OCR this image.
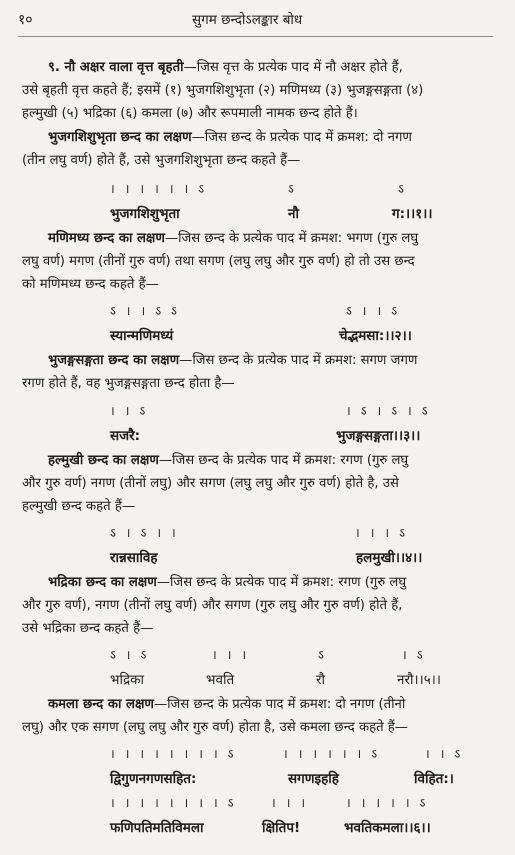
१०	सुगम छन्दोऽलङ्कार बोध
९. नौ अक्षर वाला वृत्त बृहती—जिस वृत्त के प्रत्येक पाद में नौ अक्षर होते हैं,
उसे बृहती वृत्त कहते हैं; इसमें (१) भुजगशिशुभृता (२) मणिमध्य (३) भुजङ्गसङ्गता (४)
हल्मुखी (५) भद्रिका (६) कमला (७) और रूपमाली नामक छन्द होते हैं।
भुजगशिशुभृता छन्द का लक्षण—जिस छन्द के प्रत्येक पाद में क्रमश: दो नगण
(तीन लघु वर्ण) होते हैं, उसे भुजगशिशुभृता छन्द कहते हैं—
। । । । । । ऽ	ऽ	ऽ
भुजगशिशुभृता	नौ	ग:।।१।।
मणिमध्य छन्द का लक्षण—जिस छन्द के प्रत्येक पाद में क्रमश: भगण (गुरु लघु
लघु वर्ण) मगण (तीनों गुरु वर्ण) तथा सगण (लघु लघु और गुरु वर्ण) हो तो उस छन्द
को मणिमध्य छन्द कहते हैं—
ऽ । । ऽ ऽ	ऽ । । ऽ
स्यान्मणिमध्यं	चेद्भमसा:।।२।।
भुजङ्गसङ्गता छन्द का लक्षण—जिस छन्द के प्रत्येक पाद में क्रमश: सगण जगण
रगण होते हैं, वह भुजङ्गसङ्गता छन्द होता है—
। । ऽ	। ऽ । ऽ । ऽ
सजरै:	भुजङ्गसङ्गता।।३।।
हल्मुखी छन्द का लक्षण—जिस छन्द के प्रत्येक पाद में क्रमश: रगण (गुरु लघु
और गुरु वर्ण) नगण (तीनों लघु) और सगण (लघु लघु और गुरु वर्ण) होते है, उसे
हल्मुखी छन्द कहते हैं—
ऽ । ऽ । ।	। । । ऽ
रान्नसाविह	हलमुखी।।४।।
भद्रिका छन्द का लक्षण—जिस छन्द के प्रत्येक पाद में क्रमश: रगण (गुरु लघु
और गुरु वर्ण), नगण (तीनों लघु वर्ण) और सगण (गुरु लघु और गुरु वर्ण) होते हैं,
उसे भद्रिका छन्द कहते हैं—
ऽ । ऽ	। । ।	ऽ	। ऽ
भद्रिका	भवति	रौ	नरौ।।५।।
कमला छन्द का लक्षण—जिस छन्द के प्रत्येक पाद में क्रमश: दो नगण (तीनो
लघु) और एक सगण (लघु लघु और गुरु वर्ण) होता है, उसे कमला छन्द कहते हैं—
। । । । । । । । ऽ	। । । । । । ऽ	। । ऽ
द्विगुणनगणसहित:	सगणइहहि	विहित:।
। । । । । । । । ऽ	। । ।	। । । । । ऽ
फणिपतिमतिविमला	क्षितिप!	भवतिकमला।।६।।
